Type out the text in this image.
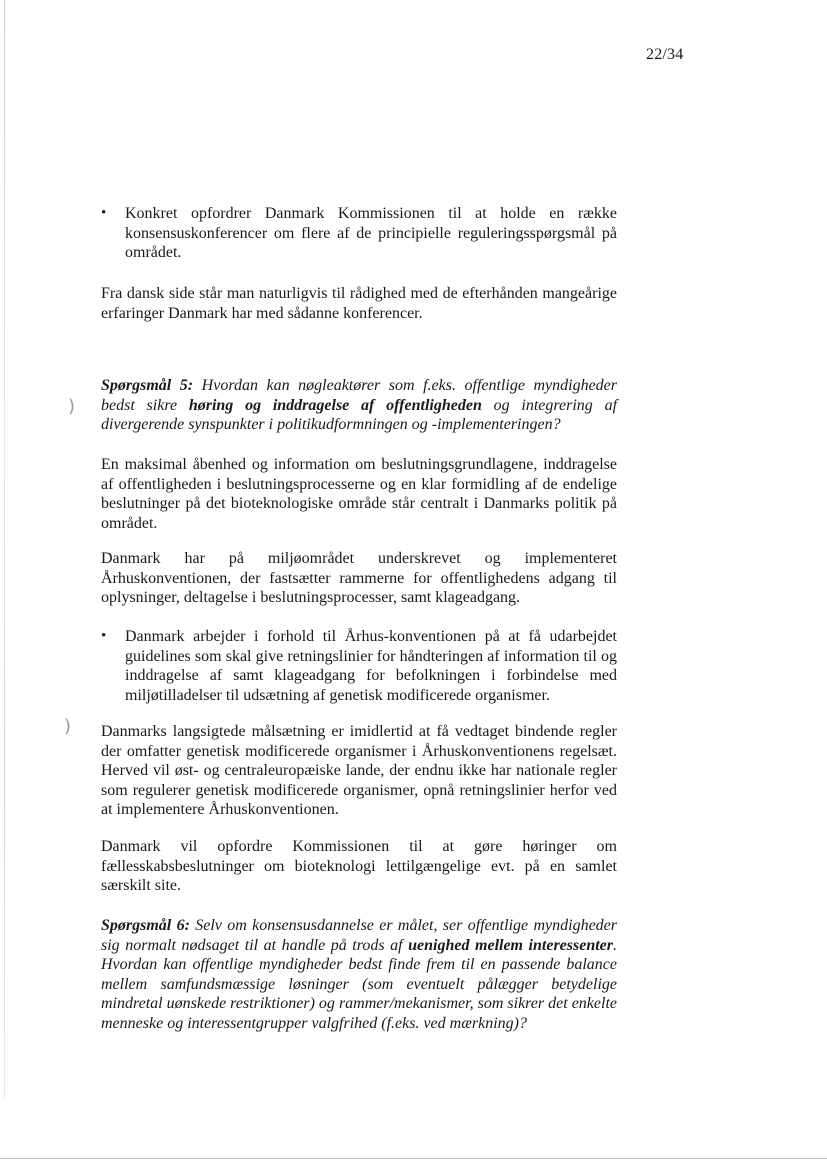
)
)
22/34
•	Konkret opfordrer Danmark Kommissionen til at holde en række konsensuskonferencer om flere af de principielle reguleringsspørgsmål på området.
Fra dansk side står man naturligvis til rådighed med de efterhånden mangeårige erfaringer Danmark har med sådanne konferencer.
Spørgsmål 5: Hvordan kan nøgleaktører som f.eks. offentlige myndigheder bedst sikre høring og inddragelse af offentligheden og integrering af divergerende synspunkter i politikudformningen og -implementeringen?
En maksimal åbenhed og information om beslutningsgrundlagene, inddragelse af offentligheden i beslutningsprocesserne og en klar formidling af de endelige beslutninger på det bioteknologiske område står centralt i Danmarks politik på området.
Danmark har på miljøområdet underskrevet og implementeret Århuskonventionen, der fastsætter rammerne for offentlighedens adgang til oplysninger, deltagelse i beslutningsprocesser, samt klageadgang.
•	Danmark arbejder i forhold til Århus-konventionen på at få udarbejdet guidelines som skal give retningslinier for håndteringen af information til og inddragelse af samt klageadgang for befolkningen i forbindelse med miljøtilladelser til udsætning af genetisk modificerede organismer.
Danmarks langsigtede målsætning er imidlertid at få vedtaget bindende regler der omfatter genetisk modificerede organismer i Århuskonventionens regelsæt. Herved vil øst- og centraleuropæiske lande, der endnu ikke har nationale regler som regulerer genetisk modificerede organismer, opnå retningslinier herfor ved at implementere Århuskonventionen.
Danmark vil opfordre Kommissionen til at gøre høringer om fællesskabsbeslutninger om bioteknologi lettilgængelige evt. på en samlet særskilt site.
Spørgsmål 6: Selv om konsensusdannelse er målet, ser offentlige myndigheder sig normalt nødsaget til at handle på trods af uenighed mellem interessenter. Hvordan kan offentlige myndigheder bedst finde frem til en passende balance mellem samfundsmæssige løsninger (som eventuelt pålægger betydelige mindretal uønskede restriktioner) og rammer/mekanismer, som sikrer det enkelte menneske og interessentgrupper valgfrihed (f.eks. ved mærkning)?
